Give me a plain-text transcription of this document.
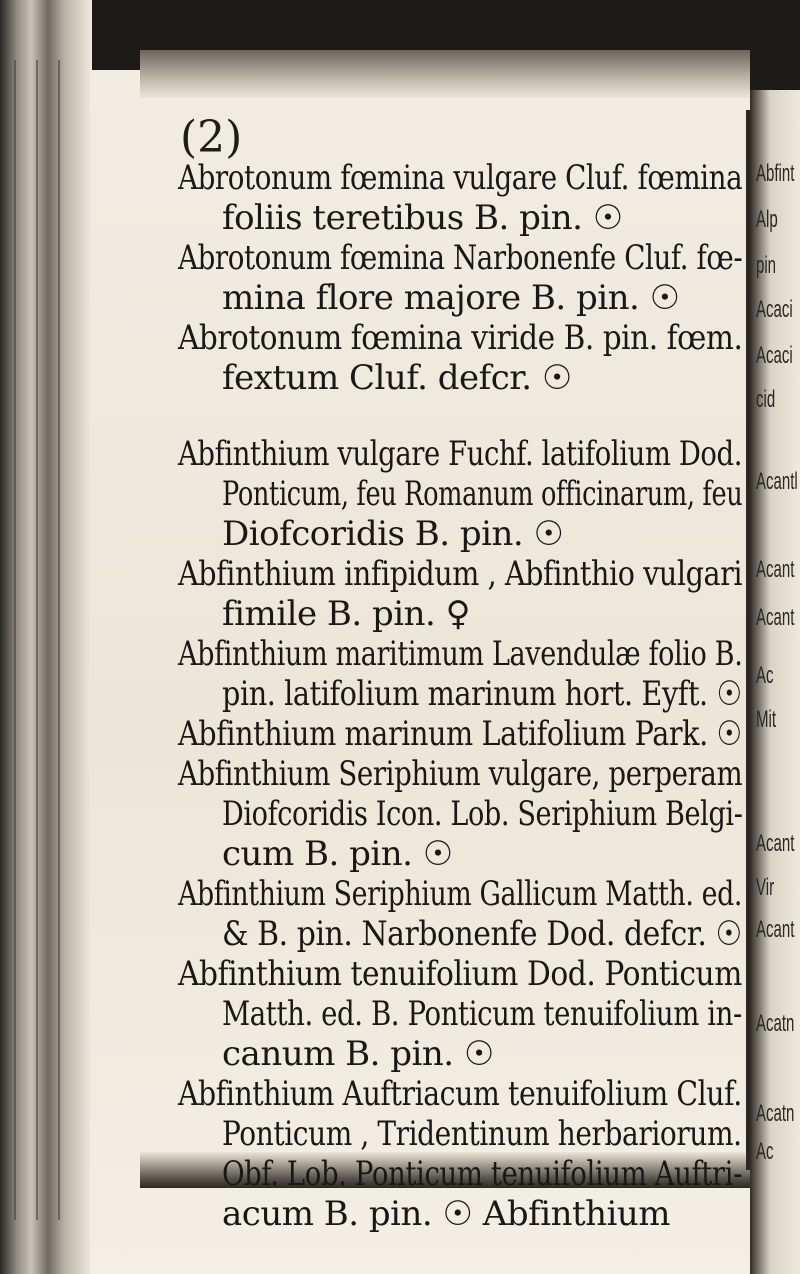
(2)
Abrotonum fœmina vulgare Cluf. fœmina
foliis teretibus B. pin. ☉
Abrotonum fœmina Narbonenfe Cluf. fœ-
mina flore majore B. pin. ☉
Abrotonum fœmina viride B. pin. fœm.
fextum Cluf. defcr. ☉
Abfinthium vulgare Fuchf. latifolium Dod.
Ponticum, feu Romanum officinarum, feu
Diofcoridis B. pin. ☉
Abfinthium infipidum , Abfinthio vulgari
fimile B. pin. ♀
Abfinthium maritimum Lavendulæ folio B.
pin. latifolium marinum hort. Eyft. ☉
Abfinthium marinum Latifolium Park. ☉
Abfinthium Seriphium vulgare, perperam
Diofcoridis Icon. Lob. Seriphium Belgi-
cum B. pin. ☉
Abfinthium Seriphium Gallicum Matth. ed.
& B. pin. Narbonenfe Dod. defcr. ☉
Abfinthium tenuifolium Dod. Ponticum
Matth. ed. B. Ponticum tenuifolium in-
canum B. pin. ☉
Abfinthium Auftriacum tenuifolium Cluf.
Ponticum , Tridentinum herbariorum.
Obf. Lob. Ponticum tenuifolium Auftri-
acum B. pin. ☉ Abfinthium
Abfint
Alp
pin
Acaci
Acaci
cid
Acantl
Acant
Acant
Ac
Mit
Acant
Vir
Acant
Acatn
Acatn
Ac
